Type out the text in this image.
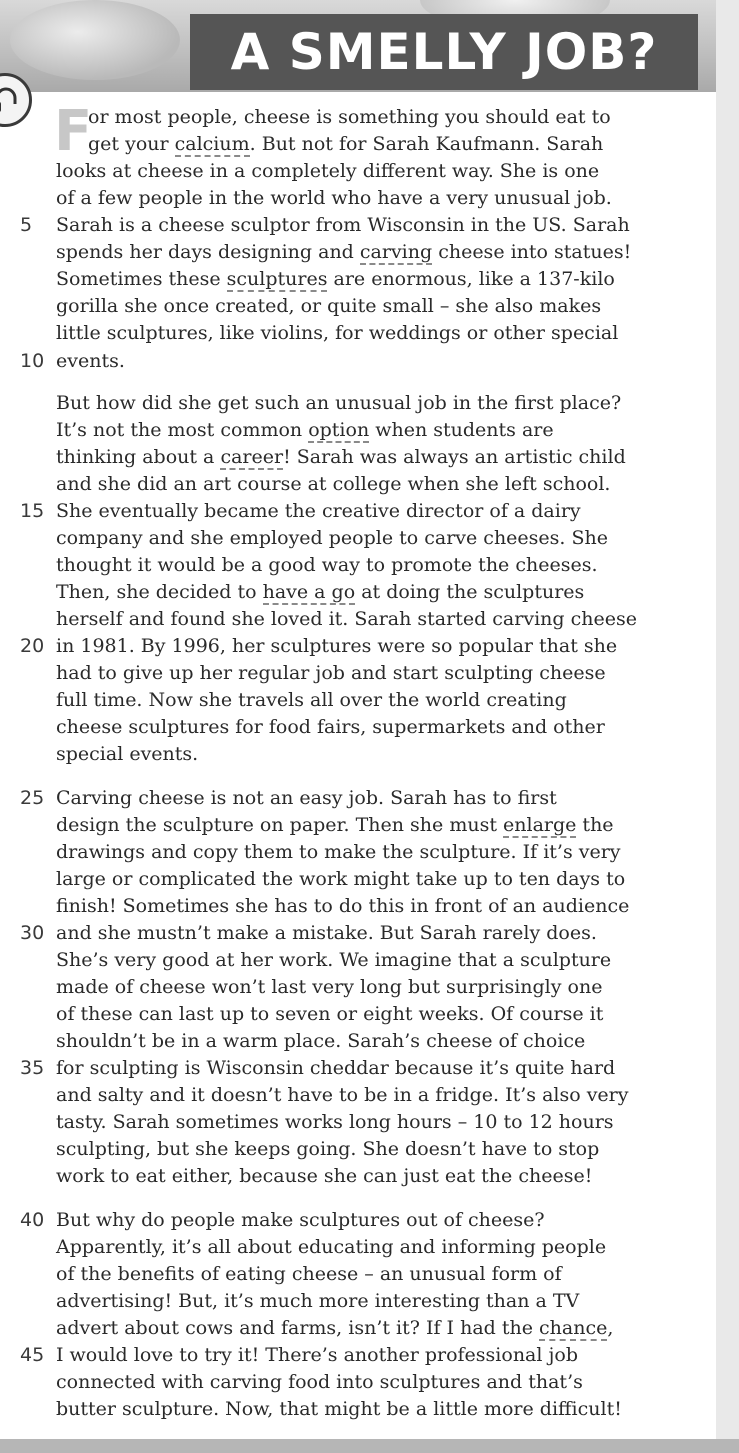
A SMELLY JOB?
F
or most people, cheese is something you should eat to
get your calcium. But not for Sarah Kaufmann. Sarah
looks at cheese in a completely different way. She is one
of a few people in the world who have a very unusual job.
Sarah is a cheese sculptor from Wisconsin in the US. Sarah
spends her days designing and carving cheese into statues!
Sometimes these sculptures are enormous, like a 137-kilo
gorilla she once created, or quite small – she also makes
little sculptures, like violins, for weddings or other special
events.
But how did she get such an unusual job in the first place?
It’s not the most common option when students are
thinking about a career! Sarah was always an artistic child
and she did an art course at college when she left school.
She eventually became the creative director of a dairy
company and she employed people to carve cheeses. She
thought it would be a good way to promote the cheeses.
Then, she decided to have a go at doing the sculptures
herself and found she loved it. Sarah started carving cheese
in 1981. By 1996, her sculptures were so popular that she
had to give up her regular job and start sculpting cheese
full time. Now she travels all over the world creating
cheese sculptures for food fairs, supermarkets and other
special events.
Carving cheese is not an easy job. Sarah has to first
design the sculpture on paper. Then she must enlarge the
drawings and copy them to make the sculpture. If it’s very
large or complicated the work might take up to ten days to
finish! Sometimes she has to do this in front of an audience
and she mustn’t make a mistake. But Sarah rarely does.
She’s very good at her work. We imagine that a sculpture
made of cheese won’t last very long but surprisingly one
of these can last up to seven or eight weeks. Of course it
shouldn’t be in a warm place. Sarah’s cheese of choice
for sculpting is Wisconsin cheddar because it’s quite hard
and salty and it doesn’t have to be in a fridge. It’s also very
tasty. Sarah sometimes works long hours – 10 to 12 hours
sculpting, but she keeps going. She doesn’t have to stop
work to eat either, because she can just eat the cheese!
But why do people make sculptures out of cheese?
Apparently, it’s all about educating and informing people
of the benefits of eating cheese – an unusual form of
advertising! But, it’s much more interesting than a TV
advert about cows and farms, isn’t it? If I had the chance,
I would love to try it! There’s another professional job
connected with carving food into sculptures and that’s
butter sculpture. Now, that might be a little more difficult!
5
10
15
20
25
30
35
40
45
